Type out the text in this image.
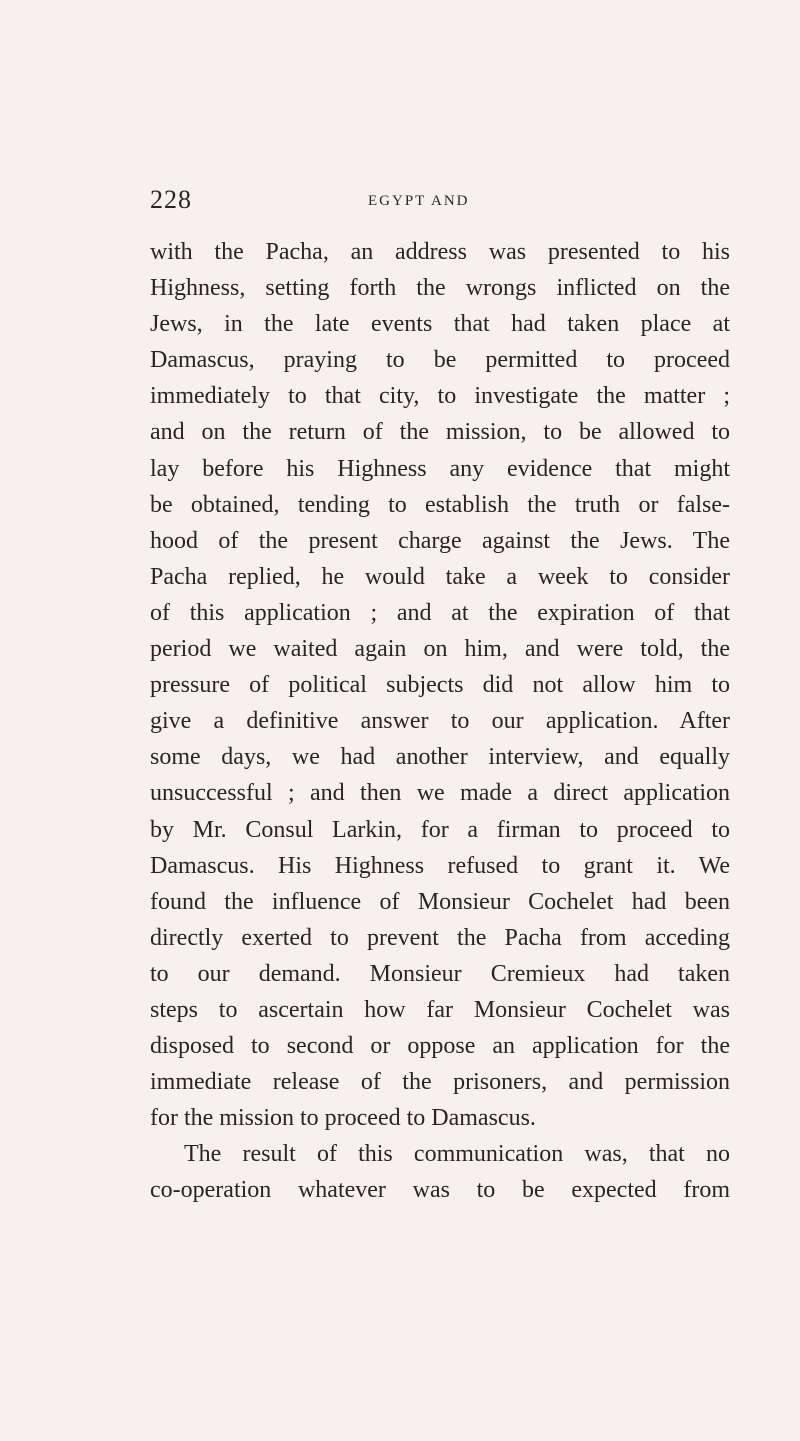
228	EGYPT AND
with the Pacha, an address was presented to his
Highness, setting forth the wrongs inflicted on the
Jews, in the late events that had taken place at
Damascus, praying to be permitted to proceed
immediately to that city, to investigate the matter ;
and on the return of the mission, to be allowed to
lay before his Highness any evidence that might
be obtained, tending to establish the truth or false-
hood of the present charge against the Jews. The
Pacha replied, he would take a week to consider
of this application ; and at the expiration of that
period we waited again on him, and were told, the
pressure of political subjects did not allow him to
give a definitive answer to our application. After
some days, we had another interview, and equally
unsuccessful ; and then we made a direct application
by Mr. Consul Larkin, for a firman to proceed to
Damascus. His Highness refused to grant it. We
found the influence of Monsieur Cochelet had been
directly exerted to prevent the Pacha from acceding
to our demand. Monsieur Cremieux had taken
steps to ascertain how far Monsieur Cochelet was
disposed to second or oppose an application for the
immediate release of the prisoners, and permission
for the mission to proceed to Damascus.
The result of this communication was, that no
co-operation whatever was to be expected from
